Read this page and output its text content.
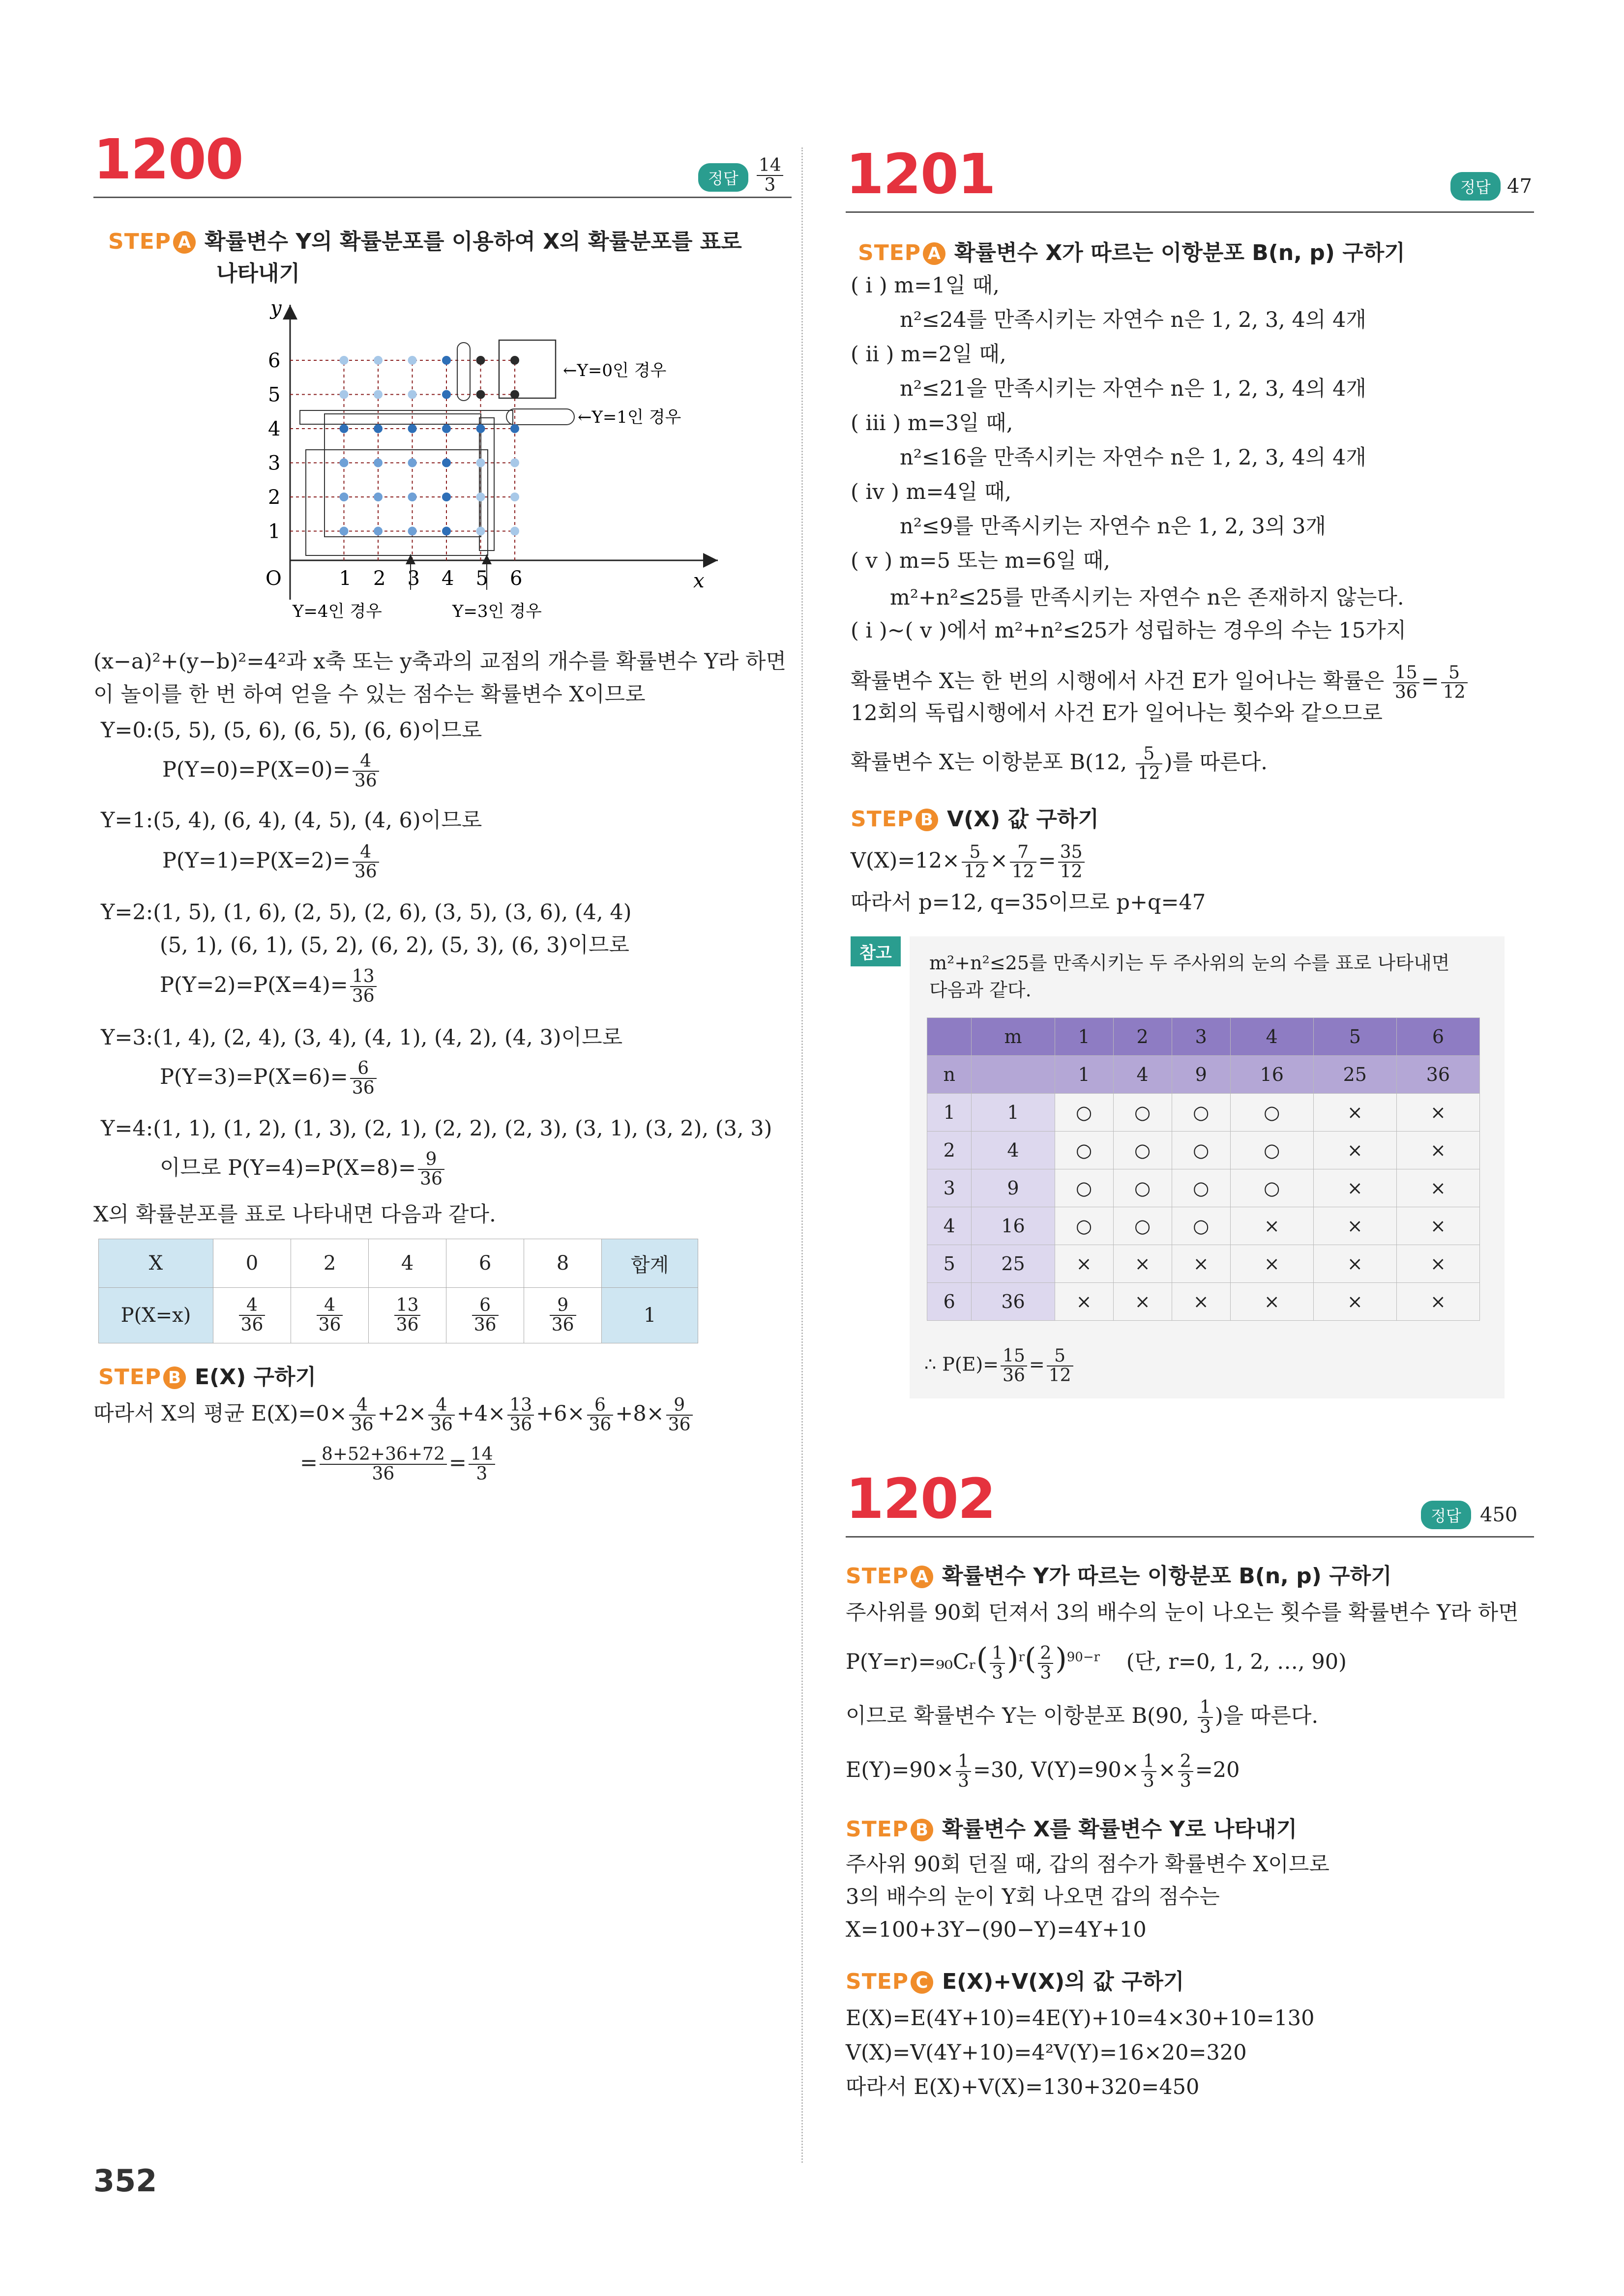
1200	정답	$\frac{14}{3}$
STEP A 확률변수 Y의 확률분포를 이용하여 X의 확률분포를 표로
나타내기
y
x
O	1 2 3 4 5 6
1
2
3
4
5
6	←Y=0인 경우
←Y=1인 경우
Y=4인 경우	Y=3인 경우
(x−a)²+(y−b)²=4²과 x축 또는 y축과의 교점의 개수를 확률변수 Y라 하면
이 놀이를 한 번 하여 얻을 수 있는 점수는 확률변수 X이므로
Y=0:(5, 5), (5, 6), (6, 5), (6, 6)이므로
$P(Y=0)=P(X=0)= \frac{4}{36}$
Y=1:(5, 4), (6, 4), (4, 5), (4, 6)이므로
$P(Y=1)=P(X=2)= \frac{4}{36}$
Y=2:(1, 5), (1, 6), (2, 5), (2, 6), (3, 5), (3, 6), (4, 4)
(5, 1), (6, 1), (5, 2), (6, 2), (5, 3), (6, 3)이므로
$P(Y=2)=P(X=4)= \frac{13}{36}$
Y=3:(1, 4), (2, 4), (3, 4), (4, 1), (4, 2), (4, 3)이므로
$P(Y=3)=P(X=6)= \frac{6}{36}$
Y=4:(1, 1), (1, 2), (1, 3), (2, 1), (2, 2), (2, 3), (3, 1), (3, 2), (3, 3)
이므로 $P(Y=4)=P(X=8)= \frac{9}{36}$
X의 확률분포를 표로 나타내면 다음과 같다.
X	0	2	4	6	8	합계
P(X=x)	$\frac{4}{36}$	$\frac{4}{36}$	$\frac{13}{36}$	$\frac{6}{36}$	$\frac{9}{36}$	1
STEP B E(X) 구하기
따라서 X의 평균 $E(X)=0\times \frac{4}{36} +2\times \frac{4}{36} +4\times \frac{13}{36} +6\times \frac{6}{36} +8\times \frac{9}{36}$
= $\frac{8+52+36+72}{36} = \frac{14}{3}$
1201	정답 47
STEP A 확률변수 X가 따르는 이항분포 B(n, p) 구하기
( i ) m=1일 때,
n²≤24를 만족시키는 자연수 n은 1, 2, 3, 4의 4개
( ii ) m=2일 때,
n²≤21을 만족시키는 자연수 n은 1, 2, 3, 4의 4개
( iii ) m=3일 때,
n²≤16을 만족시키는 자연수 n은 1, 2, 3, 4의 4개
( iv ) m=4일 때,
n²≤9를 만족시키는 자연수 n은 1, 2, 3의 3개
( v ) m=5 또는 m=6일 때,
m²+n²≤25를 만족시키는 자연수 n은 존재하지 않는다.
( i )~( v )에서 m²+n²≤25가 성립하는 경우의 수는 15가지
확률변수 X는 한 번의 시행에서 사건 E가 일어나는 확률은 $\frac{15}{36} = \frac{5}{12}$
12회의 독립시행에서 사건 E가 일어나는 횟수와 같으므로
확률변수 X는 이항분포 B(12, $\frac{5}{12}$ )를 따른다.
STEP B V(X) 값 구하기
$V(X)=12\times \frac{5}{12} \times \frac{7}{12} = \frac{35}{12}$
따라서 p=12, q=35이므로 p+q=47
참고	m²+n²≤25를 만족시키는 두 주사위의 눈의 수를 표로 나타내면
다음과 같다.
	m	1	2	3	4	5	6
n		1	4	9	16	25	36
1	1	○	○	○	○	×	×
2	4	○	○	○	○	×	×
3	9	○	○	○	○	×	×
4	16	○	○	○	×	×	×
5	25	×	×	×	×	×	×
6	36	×	×	×	×	×	×
∴ $P(E)= \frac{15}{36} = \frac{5}{12}$
1202	정답 450
STEP A 확률변수 Y가 따르는 이항분포 B(n, p) 구하기
주사위를 90회 던져서 3의 배수의 눈이 나오는 횟수를 확률변수 Y라 하면
P(Y=r)=₉₀Cᵣ( $\frac{1}{3} )^r( \frac{2}{3} )^{90-r}$ (단, r=0, 1, 2, …, 90)
이므로 확률변수 Y는 이항분포 B(90, $\frac{1}{3}$ )을 따른다.
$E(Y)=90\times \frac{1}{3} =30$, $V(Y)=90\times \frac{1}{3} \times \frac{2}{3} =20$
STEP B 확률변수 X를 확률변수 Y로 나타내기
주사위 90회 던질 때, 갑의 점수가 확률변수 X이므로
3의 배수의 눈이 Y회 나오면 갑의 점수는
X=100+3Y−(90−Y)=4Y+10
STEP C E(X)+V(X)의 값 구하기
E(X)=E(4Y+10)=4E(Y)+10=4×30+10=130
V(X)=V(4Y+10)=4²V(Y)=16×20=320
따라서 E(X)+V(X)=130+320=450
352
